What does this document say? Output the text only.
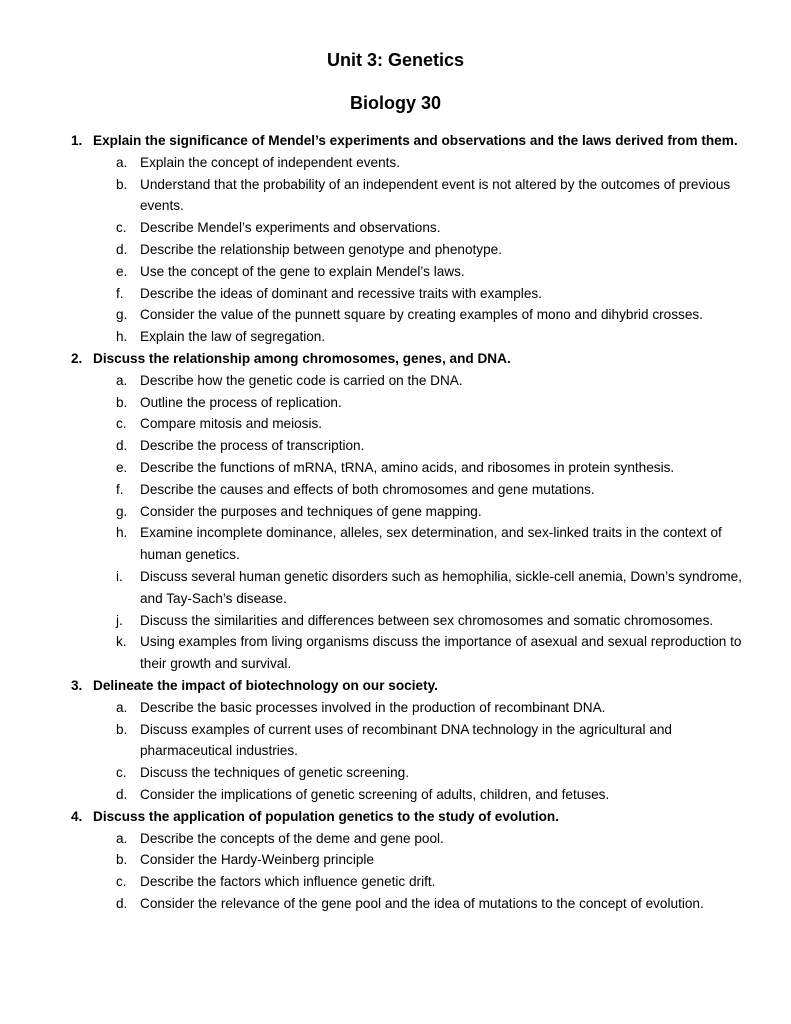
Unit 3: Genetics
Biology 30
1. Explain the significance of Mendel’s experiments and observations and the laws derived from them.
a. Explain the concept of independent events.
b. Understand that the probability of an independent event is not altered by the outcomes of previous events.
c. Describe Mendel’s experiments and observations.
d. Describe the relationship between genotype and phenotype.
e. Use the concept of the gene to explain Mendel’s laws.
f.	Describe the ideas of dominant and recessive traits with examples.
g. Consider the value of the punnett square by creating examples of mono and dihybrid crosses.
h. Explain the law of segregation.
2. Discuss the relationship among chromosomes, genes, and DNA.
a. Describe how the genetic code is carried on the DNA.
b. Outline the process of replication.
c. Compare mitosis and meiosis.
d. Describe the process of transcription.
e. Describe the functions of mRNA, tRNA, amino acids, and ribosomes in protein synthesis.
f.	Describe the causes and effects of both chromosomes and gene mutations.
g. Consider the purposes and techniques of gene mapping.
h. Examine incomplete dominance, alleles, sex determination, and sex-linked traits in the context of human genetics.
i.	Discuss several human genetic disorders such as hemophilia, sickle-cell anemia, Down’s syndrome, and Tay-Sach’s disease.
j.	Discuss the similarities and differences between sex chromosomes and somatic chromosomes.
k. Using examples from living organisms discuss the importance of asexual and sexual reproduction to their growth and survival.
3. Delineate the impact of biotechnology on our society.
a. Describe the basic processes involved in the production of recombinant DNA.
b. Discuss examples of current uses of recombinant DNA technology in the agricultural and pharmaceutical industries.
c. Discuss the techniques of genetic screening.
d. Consider the implications of genetic screening of adults, children, and fetuses.
4. Discuss the application of population genetics to the study of evolution.
a. Describe the concepts of the deme and gene pool.
b. Consider the Hardy-Weinberg principle
c. Describe the factors which influence genetic drift.
d. Consider the relevance of the gene pool and the idea of mutations to the concept of evolution.
